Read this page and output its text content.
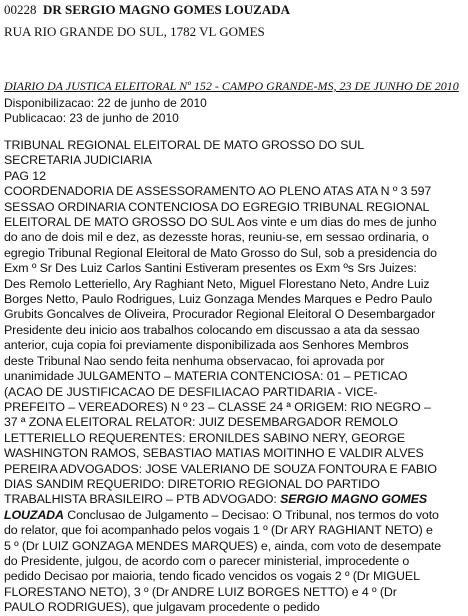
00228 DR SERGIO MAGNO GOMES LOUZADA
RUA RIO GRANDE DO SUL, 1782 VL GOMES
DIARIO DA JUSTICA ELEITORAL Nº 152 - CAMPO GRANDE-MS, 23 DE JUNHO DE 2010
Disponibilizacao: 22 de junho de 2010
Publicacao: 23 de junho de 2010
TRIBUNAL REGIONAL ELEITORAL DE MATO GROSSO DO SUL
SECRETARIA JUDICIARIA
PAG 12
COORDENADORIA DE ASSESSORAMENTO AO PLENO ATAS ATA N º 3 597
SESSAO ORDINARIA CONTENCIOSA DO EGREGIO TRIBUNAL REGIONAL
ELEITORAL DE MATO GROSSO DO SUL Aos vinte e um dias do mes de junho
do ano de dois mil e dez, as dezesste horas, reuniu-se, em sessao ordinaria, o
egregio Tribunal Regional Eleitoral de Mato Grosso do Sul, sob a presidencia do
Exm º Sr Des Luiz Carlos Santini Estiveram presentes os Exm ºs Srs Juizes:
Des Remolo Letteriello, Ary Raghiant Neto, Miguel Florestano Neto, Andre Luiz
Borges Netto, Paulo Rodrigues, Luiz Gonzaga Mendes Marques e Pedro Paulo
Grubits Goncalves de Oliveira, Procurador Regional Eleitoral O Desembargador
Presidente deu inicio aos trabalhos colocando em discussao a ata da sessao
anterior, cuja copia foi previamente disponibilizada aos Senhores Membros
deste Tribunal Nao sendo feita nenhuma observacao, foi aprovada por
unanimidade JULGAMENTO – MATERIA CONTENCIOSA: 01 – PETICAO
(ACAO DE JUSTIFICACAO DE DESFILIACAO PARTIDARIA - VICE-
PREFEITO – VEREADORES) N º 23 – CLASSE 24 ª ORIGEM: RIO NEGRO –
37 ª ZONA ELEITORAL RELATOR: JUIZ DESEMBARGADOR REMOLO
LETTERIELLO REQUERENTES: ERONILDES SABINO NERY, GEORGE
WASHINGTON RAMOS, SEBASTIAO MATIAS MOITINHO E VALDIR ALVES
PEREIRA ADVOGADOS: JOSE VALERIANO DE SOUZA FONTOURA E FABIO
DIAS SANDIM REQUERIDO: DIRETORIO REGIONAL DO PARTIDO
TRABALHISTA BRASILEIRO – PTB ADVOGADO: SERGIO MAGNO GOMES
LOUZADA Conclusao de Julgamento – Decisao: O Tribunal, nos termos do voto
do relator, que foi acompanhado pelos vogais 1 º (Dr ARY RAGHIANT NETO) e
5 º (Dr LUIZ GONZAGA MENDES MARQUES) e, ainda, com voto de desempate
do Presidente, julgou, de acordo com o parecer ministerial, improcedente o
pedido Decisao por maioria, tendo ficado vencidos os vogais 2 º (Dr MIGUEL
FLORESTANO NETO), 3 º (Dr ANDRE LUIZ BORGES NETTO) e 4 º (Dr
PAULO RODRIGUES), que julgavam procedente o pedido
